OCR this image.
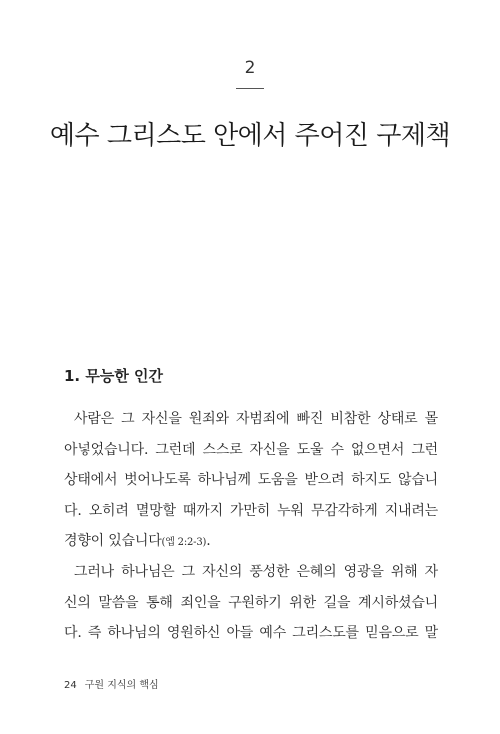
2
예수 그리스도 안에서 주어진 구제책
1. 무능한 인간
사람은 그 자신을 원죄와 자범죄에 빠진 비참한 상태로 몰
아넣었습니다. 그런데 스스로 자신을 도울 수 없으면서 그런
상태에서 벗어나도록 하나님께 도움을 받으려 하지도 않습니
다. 오히려 멸망할 때까지 가만히 누워 무감각하게 지내려는
경향이 있습니다(엡 2:2-3).
그러나 하나님은 그 자신의 풍성한 은혜의 영광을 위해 자
신의 말씀을 통해 죄인을 구원하기 위한 길을 계시하셨습니
다. 즉 하나님의 영원하신 아들 예수 그리스도를 믿음으로 말
24 구원 지식의 핵심
